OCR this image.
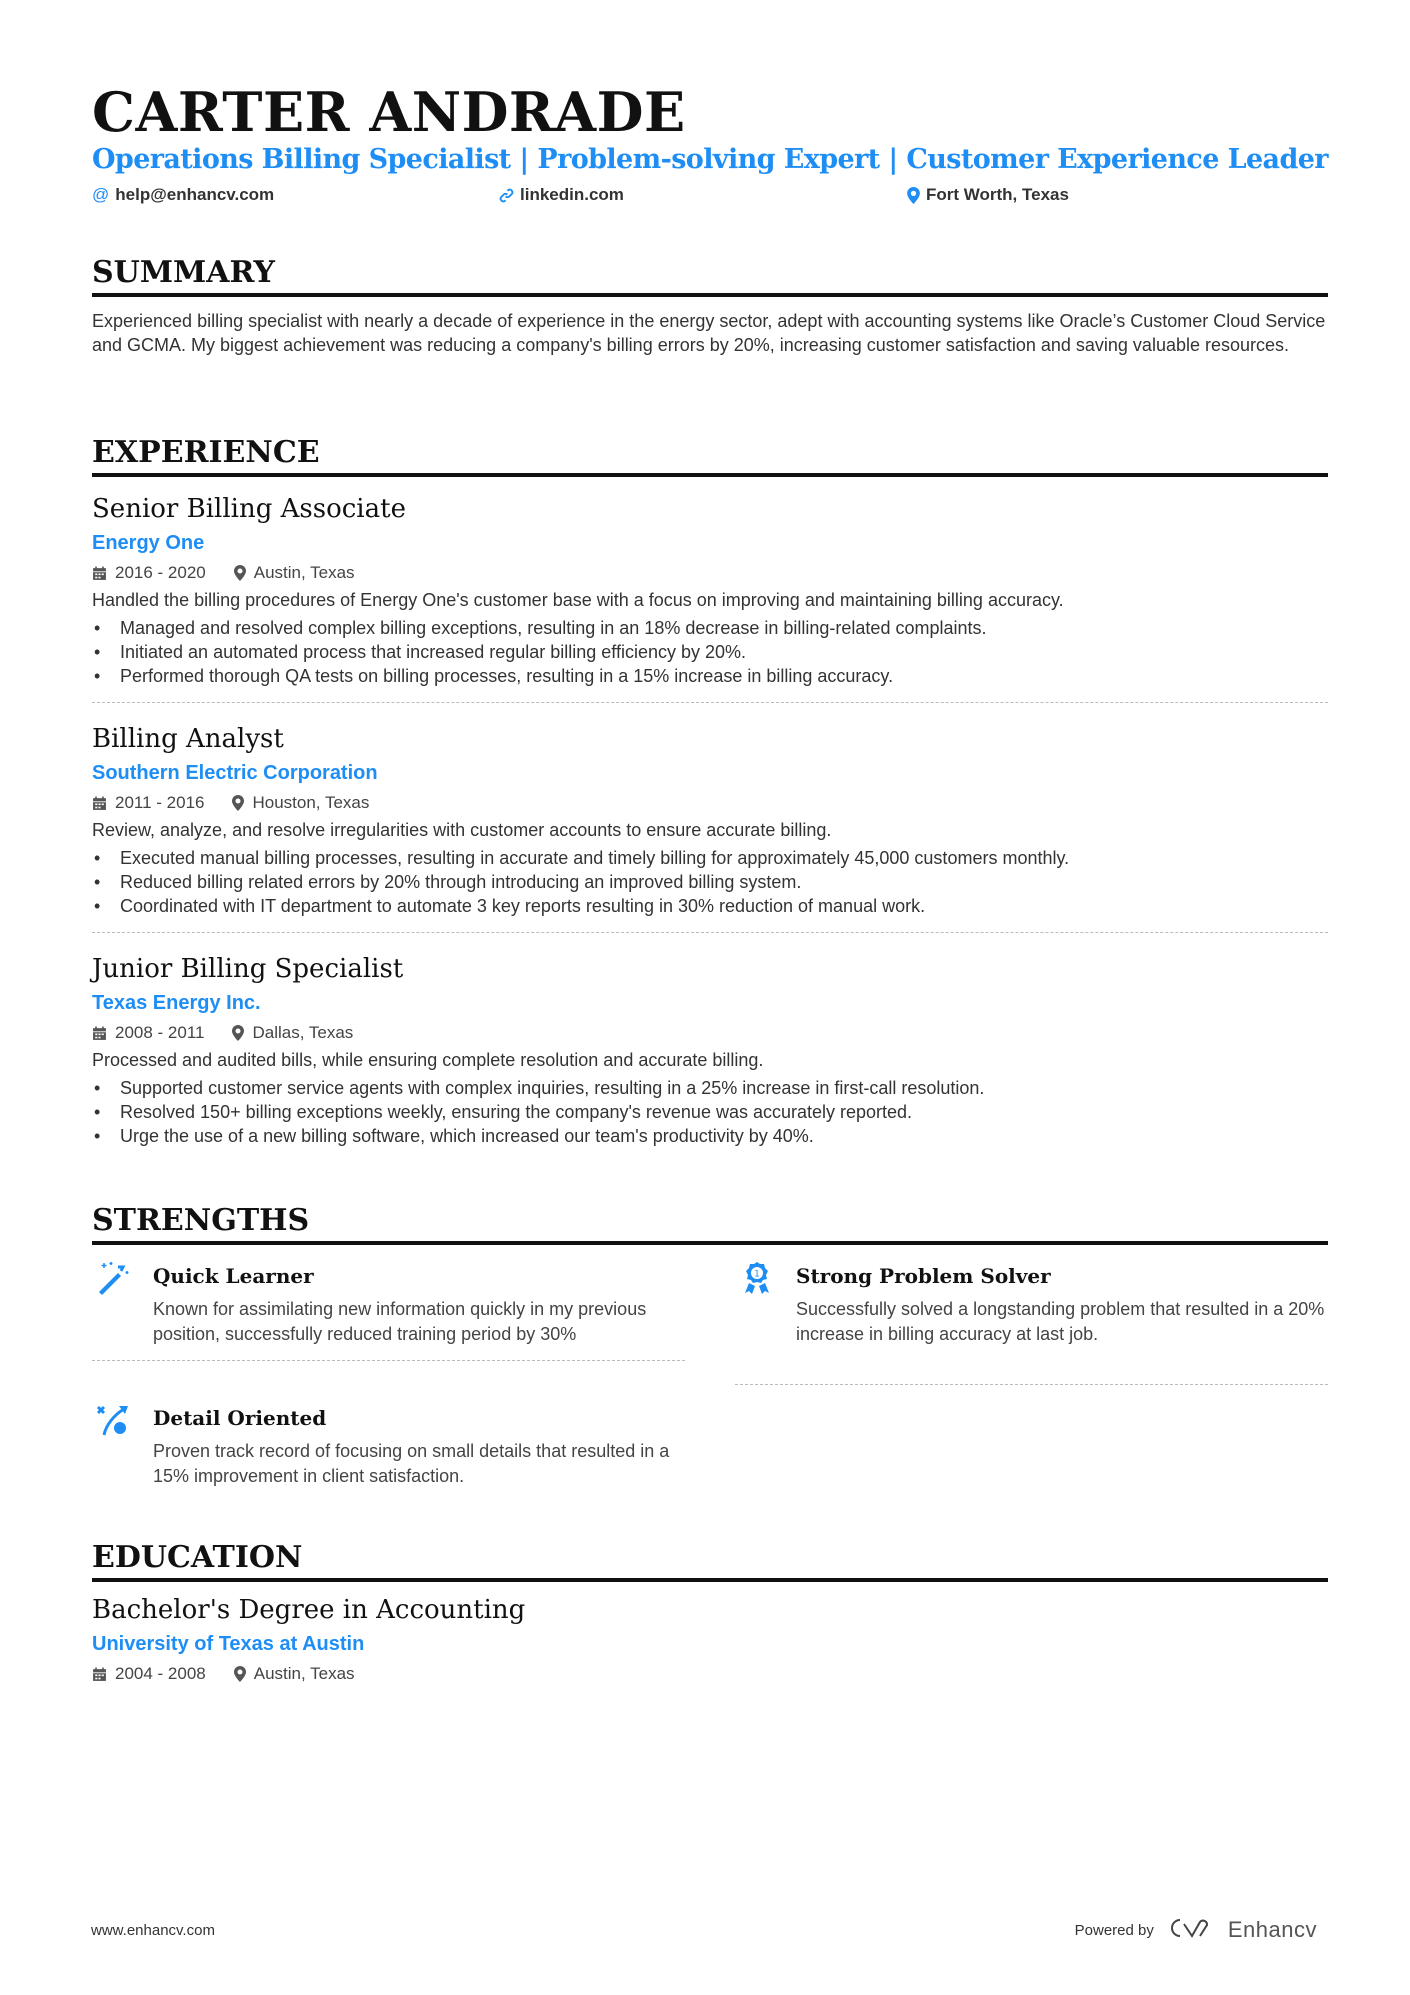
CARTER ANDRADE
Operations Billing Specialist | Problem-solving Expert | Customer Experience Leader
@ help@enhancv.com	linkedin.com	Fort Worth, Texas
SUMMARY

Experienced billing specialist with nearly a decade of experience in the energy sector, adept with accounting systems like Oracle’s Customer Cloud Service and GCMA. My biggest achievement was reducing a company's billing errors by 20%, increasing customer satisfaction and saving valuable resources.

EXPERIENCE
Senior Billing Associate
Energy One
2016 - 2020	Austin, Texas

Handled the billing procedures of Energy One's customer base with a focus on improving and maintaining billing accuracy.

• Managed and resolved complex billing exceptions, resulting in an 18% decrease in billing-related complaints.
• Initiated an automated process that increased regular billing efficiency by 20%.
• Performed thorough QA tests on billing processes, resulting in a 15% increase in billing accuracy.
Billing Analyst
Southern Electric Corporation
2011 - 2016	Houston, Texas

Review, analyze, and resolve irregularities with customer accounts to ensure accurate billing.

• Executed manual billing processes, resulting in accurate and timely billing for approximately 45,000 customers monthly.
• Reduced billing related errors by 20% through introducing an improved billing system.
• Coordinated with IT department to automate 3 key reports resulting in 30% reduction of manual work.
Junior Billing Specialist
Texas Energy Inc.
2008 - 2011	Dallas, Texas

Processed and audited bills, while ensuring complete resolution and accurate billing.

• Supported customer service agents with complex inquiries, resulting in a 25% increase in first-call resolution.
• Resolved 150+ billing exceptions weekly, ensuring the company's revenue was accurately reported.
• Urge the use of a new billing software, which increased our team's productivity by 40%.
STRENGTHS
Quick Learner

Known for assimilating new information quickly in my previous position, successfully reduced training period by 30%

1 Strong Problem Solver

Successfully solved a longstanding problem that resulted in a 20% increase in billing accuracy at last job.

Detail Oriented

Proven track record of focusing on small details that resulted in a 15% improvement in client satisfaction.

EDUCATION
Bachelor's Degree in Accounting
University of Texas at Austin
2004 - 2008	Austin, Texas
www.enhancv.com	Powered by	Enhancv
